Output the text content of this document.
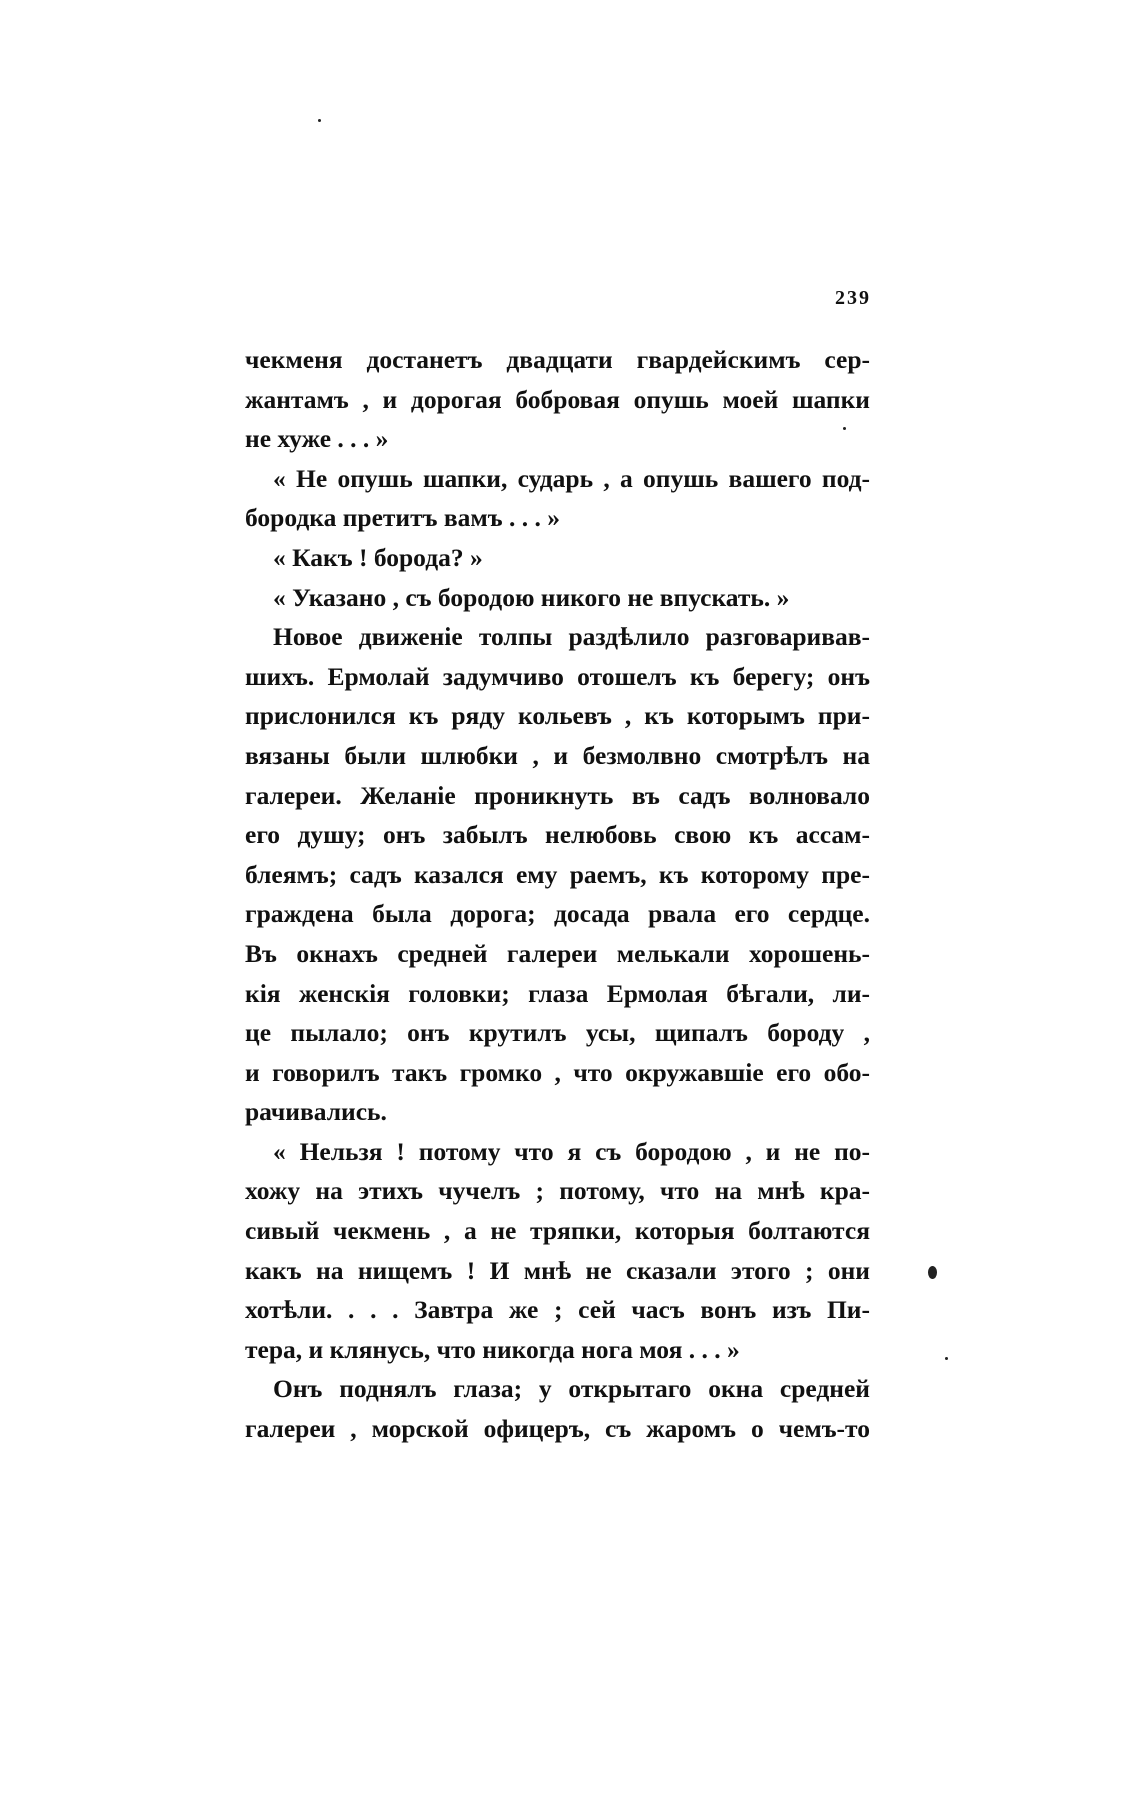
239
чекменя достанетъ двадцати гвардейскимъ сер-
жантамъ , и дорогая бобровая опушь моей шапки
не хуже . . . »
« Не опушь шапки, сударь , а опушь вашего под-
бородка претитъ вамъ . . . »
« Какъ ! борода? »
« Указано , съ бородою никого не впускать. »
Новое движеніе толпы раздѣлило разговаривав-
шихъ. Ермолай задумчиво отошелъ къ берегу; онъ
прислонился къ ряду кольевъ , къ которымъ при-
вязаны были шлюбки , и безмолвно смотрѣлъ на
галереи. Желаніе проникнуть въ садъ волновало
его душу; онъ забылъ нелюбовь свою къ ассам-
блеямъ; садъ казался ему раемъ, къ которому пре-
граждена была дорога; досада рвала его сердце.
Въ окнахъ средней галереи мелькали хорошень-
кія женскія головки; глаза Ермолая бѣгали, ли-
це пылало; онъ крутилъ усы, щипалъ бороду ,
и говорилъ такъ громко , что окружавшіе его обо-
рачивались.
« Нельзя ! потому что я съ бородою , и не по-
хожу на этихъ чучелъ ; потому, что на мнѣ кра-
сивый чекмень , а не тряпки, которыя болтаются
какъ на нищемъ ! И мнѣ не сказали этого ; они
хотѣли. . . . Завтра же ; сей часъ вонъ изъ Пи-
тера, и клянусь, что никогда нога моя . . . »
Онъ поднялъ глаза; у открытаго окна средней
галереи , морской офицеръ, съ жаромъ о чемъ-то
